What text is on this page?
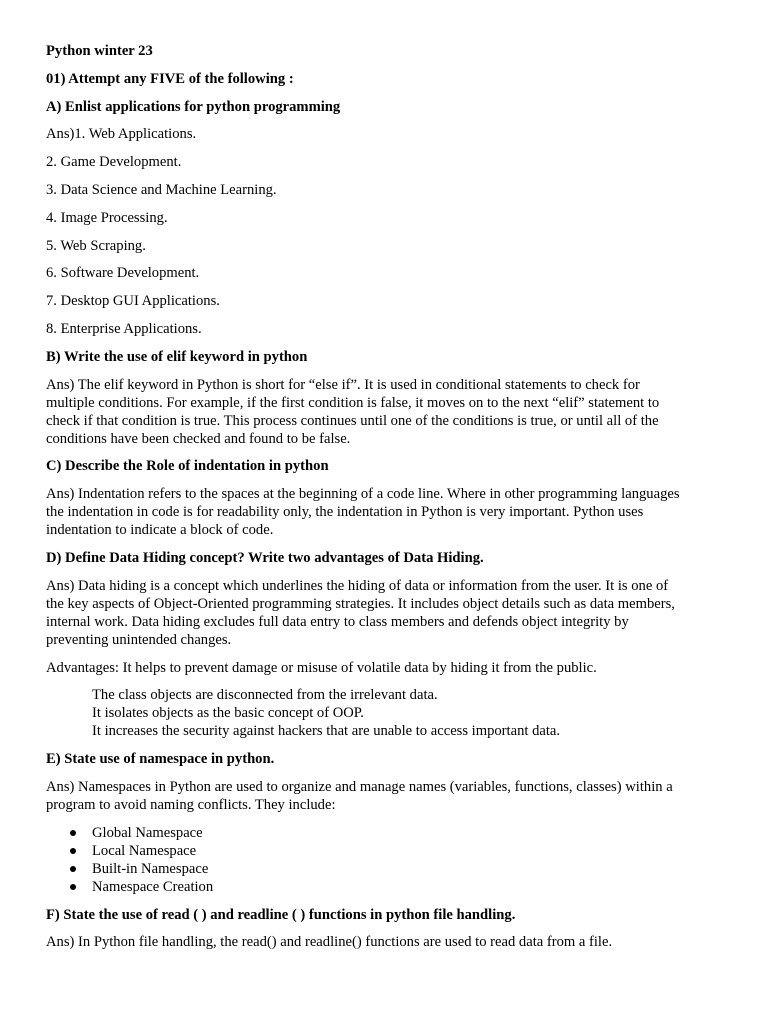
Python winter 23

01) Attempt any FIVE of the following :

A) Enlist applications for python programming

Ans)1. Web Applications.

2. Game Development.

3. Data Science and Machine Learning.

4. Image Processing.

5. Web Scraping.

6. Software Development.

7. Desktop GUI Applications.

8. Enterprise Applications.

B) Write the use of elif keyword in python

Ans) The elif keyword in Python is short for “else if”. It is used in conditional statements to check for
multiple conditions. For example, if the first condition is false, it moves on to the next “elif” statement to
check if that condition is true. This process continues until one of the conditions is true, or until all of the
conditions have been checked and found to be false.

C) Describe the Role of indentation in python

Ans) Indentation refers to the spaces at the beginning of a code line. Where in other programming languages
the indentation in code is for readability only, the indentation in Python is very important. Python uses
indentation to indicate a block of code.

D) Define Data Hiding concept? Write two advantages of Data Hiding.

Ans) Data hiding is a concept which underlines the hiding of data or information from the user. It is one of
the key aspects of Object-Oriented programming strategies. It includes object details such as data members,
internal work. Data hiding excludes full data entry to class members and defends object integrity by
preventing unintended changes.

Advantages: It helps to prevent damage or misuse of volatile data by hiding it from the public.

The class objects are disconnected from the irrelevant data.

It isolates objects as the basic concept of OOP.

It increases the security against hackers that are unable to access important data.

E) State use of namespace in python.

Ans) Namespaces in Python are used to organize and manage names (variables, functions, classes) within a
program to avoid naming conflicts. They include:

Global Namespace
Local Namespace
Built-in Namespace
Namespace Creation

F) State the use of read ( ) and readline ( ) functions in python file handling.

Ans) In Python file handling, the read() and readline() functions are used to read data from a file.
